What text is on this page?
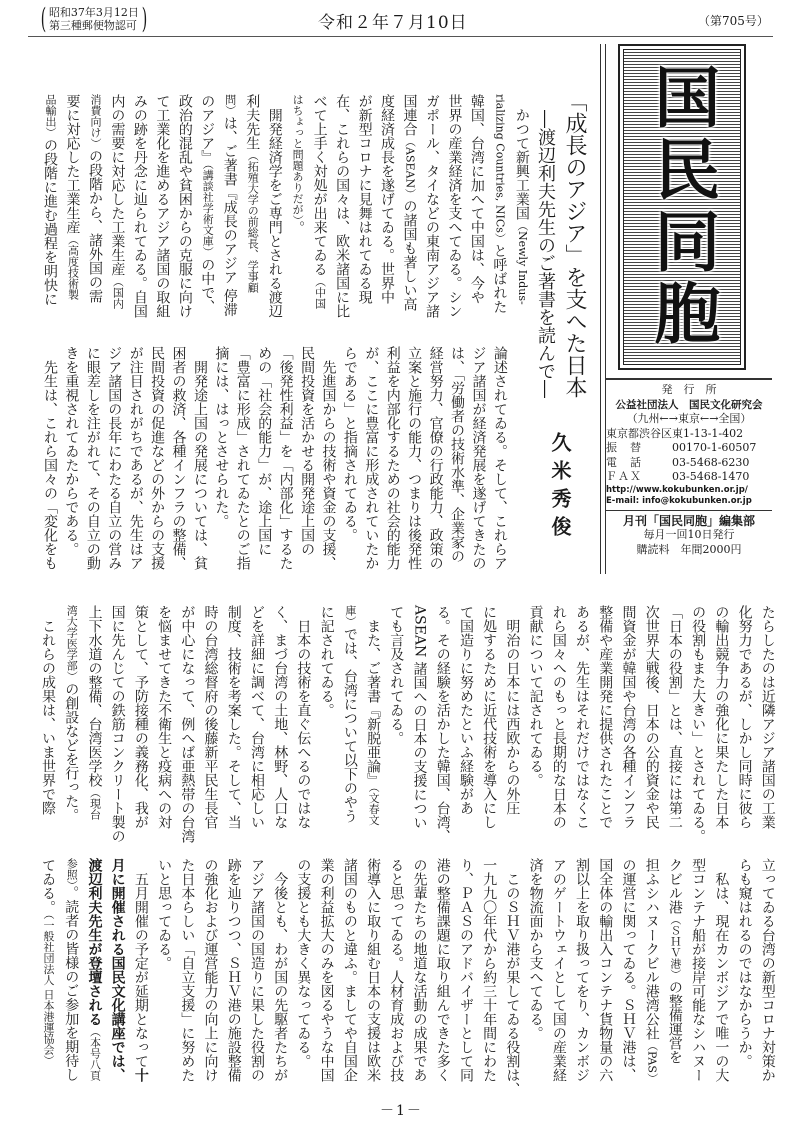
( 昭和37年3月12日
第三種郵便物認可 )	令和２年７月10日	（第705号）
国民同胞
発　行　所
公益社団法人　国民文化研究会
（九州←→東京←→全国）
東京都渋谷区東1-13-1-402
振　替	00170-1-60507
電　話	03-5468-6230
ＦＡＸ	03-5468-1470
http://www.kokubunken.or.jp/
E-mail: info@kokubunken.or.jp
月刊「国民同胞」編集部
毎月一回10日発行
購読料　年間2000円
「成長のアジア」を支へた日本
―渡辺利夫先生のご著書を読んで―
久米秀俊
　かつて新興工業国（Newly Indus-
rializing Countries, NICs）と呼ばれた
韓国、台湾に加へて中国は、今や
世界の産業経済を支へてゐる。シン
ガポール、タイなどの東南アジア諸
国連合（ASEAN）の諸国も著しい高
度経済成長を遂げてゐる。世界中
が新型コロナに見舞はれてゐる現
在、これらの国々は、欧米諸国に比
べて上手く対処が出来てゐる（中国
はちょっと問題ありだが）。
　開発経済学をご専門とされる渡辺
利夫先生（拓殖大学の前総長、学事顧
問）は、ご著書『成長のアジア 停滞
のアジア』（講談社学術文庫）の中で、
政治的混乱や貧困からの克服に向け
て工業化を進めるアジア諸国の取組
みの跡を丹念に辿られてゐる。自国
内の需要に対応した工業生産（国内
消費向け）の段階から、諸外国の需
要に対応した工業生産（高度技術製
品輸出）の段階に進む過程を明快に
論述されてゐる。そして、これらア
ジア諸国が経済発展を遂げてきたの
は、「労働者の技術水準、企業家の
経営努力、官僚の行政能力、政策の
立案と施行の能力、つまりは後発性
利益を内部化するための社会的能力
が、ここに豊富に形成されていたか
らである」と指摘されてゐる。
　先進国からの技術や資金の支援、
民間投資を活かせる開発途上国の
「後発性利益」を「内部化」するた
めの「社会的能力」が、途上国に
「豊富に形成」されてゐたとのご指
摘には、はっとさせられた。
　開発途上国の発展については、貧
困者の救済、各種インフラの整備、
民間投資の促進などの外からの支援
が注目されがちであるが、先生はア
ジア諸国の長年にわたる自立の営み
に眼差しを注がれて、その自立の動
きを重視されてゐたからである。
　先生は、これら国々の「変化をも
たらしたのは近隣アジア諸国の工業
化努力であるが、しかし同時に彼ら
の輸出競争力の強化に果たした日本
の役割もまた大きい」とされてゐる。
「日本の役割」とは、直接には第二
次世界大戦後、日本の公的資金や民
間資金が韓国や台湾の各種インフラ
整備や産業開発に提供されたことで
あるが、先生はそれだけではなくこ
れら国々へのもっと長期的な日本の
貢献について記されてゐる。
　明治の日本には西欧からの外圧
に処するために近代技術を導入にし
て国造りに努めたといふ経験があ
る。その経験を活かした韓国、台湾、
ASEAN 諸国への日本の支援につい
ても言及されてゐる。
　また、ご著書『新脱亜論』（文春文
庫）では、台湾について以下のやう
に記されてゐる。
　日本の技術を直ぐ伝へるのではな
く、まづ台湾の土地、林野、人口な
どを詳細に調べて、台湾に相応しい
制度、技術を考案した。そして、当
時の台湾総督府の後藤新平民生長官
が中心になって、例へば亜熱帯の台湾
を悩ませてきた不衛生と疫病への対
策として、予防接種の義務化、我が
国に先んじての鉄筋コンクリート製の
上下水道の整備、台湾医学校（現台
湾大学医学部）の創設などを行った。
　これらの成果は、いま世界で際
立ってゐる台湾の新型コロナ対策か
らも窺はれるのではなからうか。
　私は、現在カンボジアで唯一の大
型コンテナ船が接岸可能なシハヌー
クビル港（ＳＨＶ港）の整備運営を
担ふシハヌークビル港湾公社（PAS）
の運営に関ってゐる。ＳＨＶ港は、
国全体の輸出入コンテナ貨物量の六
割以上を取り扱ってをり、カンボジ
アのゲートウェイとして国の産業経
済を物流面から支へてゐる。
　このＳＨＶ港が果してゐる役割は、
一九九〇年代から約三十年間にわた
り、ＰＡＳのアドバイザーとして同
港の整備課題に取り組んできた多く
の先輩たちの地道な活動の成果であ
ると思ってゐる。人材育成および技
術導入に取り組む日本の支援は欧米
諸国のものと違ふ。ましてや自国企
業の利益拡大のみを図るやうな中国
の支援とも大きく異なってゐる。
　今後とも、わが国の先駆者たちが
アジア諸国の国造りに果した役割の
跡を辿りつつ、ＳＨＶ港の施設整備
の強化および運営能力の向上に向け
た日本らしい「自立支援」に努めた
いと思ってゐる。
　五月開催の予定が延期となって十
月に開催される国民文化講座では、
渡辺利夫先生が登壇される（本号八頁
参照）。読者の皆様のご参加を期待し
てゐる。（一般社団法人 日本港運協会）
－1－
